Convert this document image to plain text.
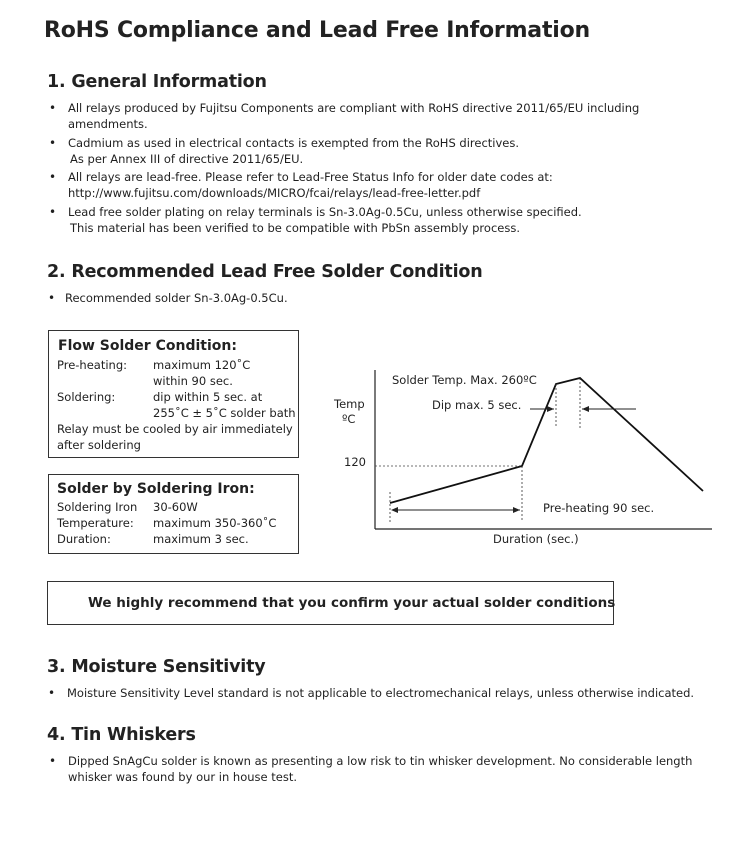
RoHS Compliance and Lead Free Information
1. General Information
• All relays produced by Fujitsu Components are compliant with RoHS directive 2011/65/EU including
amendments.
• Cadmium as used in electrical contacts is exempted from the RoHS directives.
As per Annex III of directive 2011/65/EU.
• All relays are lead-free. Please refer to Lead-Free Status Info for older date codes at:
http://www.fujitsu.com/downloads/MICRO/fcai/relays/lead-free-letter.pdf
• Lead free solder plating on relay terminals is Sn-3.0Ag-0.5Cu, unless otherwise specified.
This material has been verified to be compatible with PbSn assembly process.
2. Recommended Lead Free Solder Condition
• Recommended solder Sn-3.0Ag-0.5Cu.
Flow Solder Condition:
Pre-heating: maximum 120˚C
within 90 sec.
Soldering:	dip within 5 sec. at
255˚C ± 5˚C solder bath
Relay must be cooled by air immediately
after soldering
Solder by Soldering Iron:
Soldering Iron 30-60W
Temperature: maximum 350-360˚C
Duration:	maximum 3 sec.
Temp
ºC
120
Solder Temp. Max. 260ºC
Dip max. 5 sec.
Pre-heating 90 sec.
Duration (sec.)
We highly recommend that you confirm your actual solder conditions
3. Moisture Sensitivity
• Moisture Sensitivity Level standard is not applicable to electromechanical relays, unless otherwise indicated.
4. Tin Whiskers
• Dipped SnAgCu solder is known as presenting a low risk to tin whisker development. No considerable length
whisker was found by our in house test.
